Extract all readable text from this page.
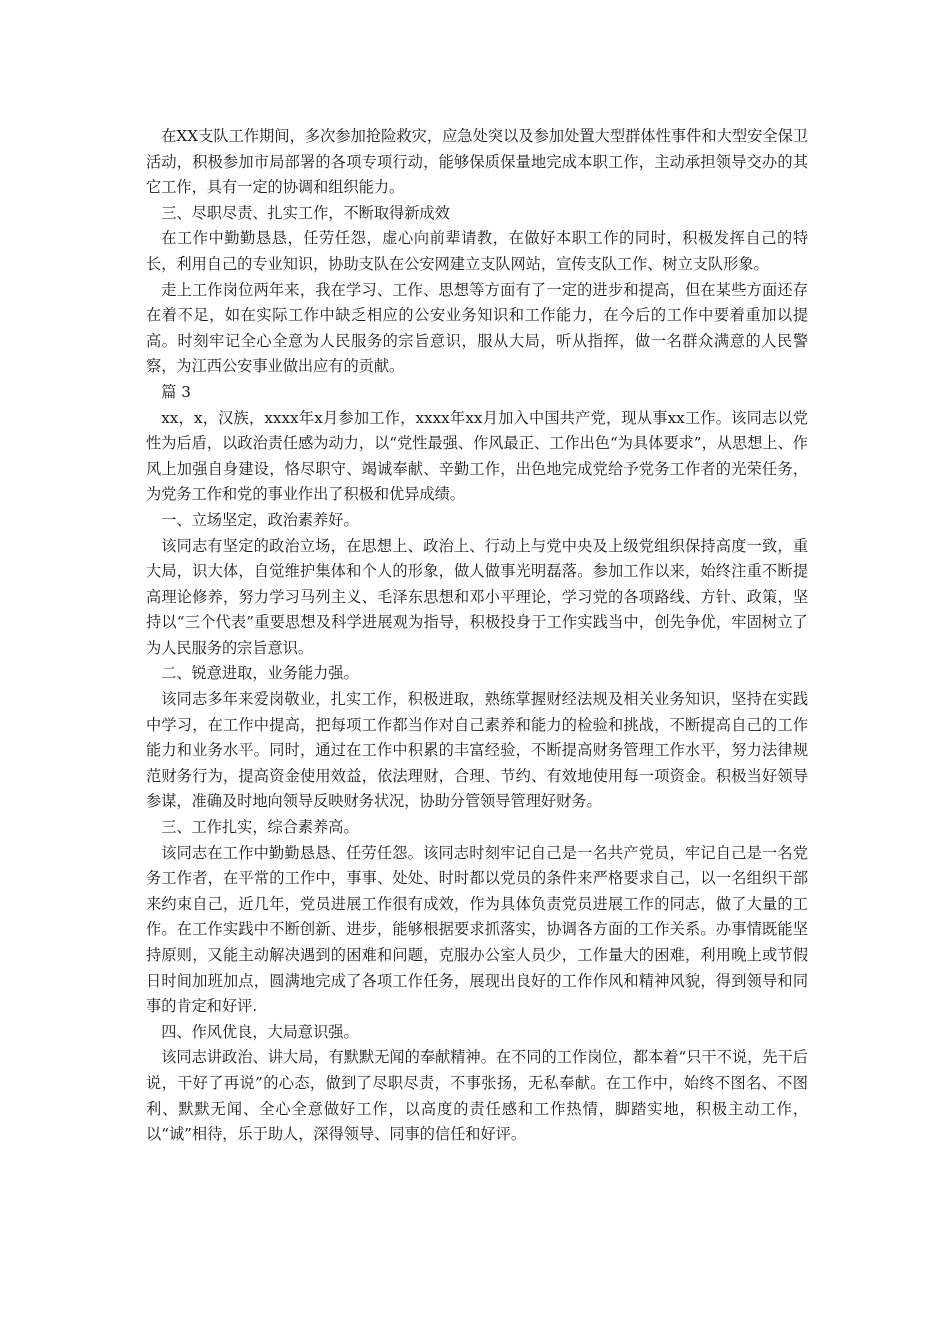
在XX支队工作期间，多次参加抢险救灾，应急处突以及参加处置大型群体性事件和大型安全保卫活动，积极参加市局部署的各项专项行动，能够保质保量地完成本职工作，主动承担领导交办的其它工作，具有一定的协调和组织能力。

三、尽职尽责、扎实工作，不断取得新成效

在工作中勤勤恳恳，任劳任怨，虚心向前辈请教，在做好本职工作的同时，积极发挥自己的特长，利用自己的专业知识，协助支队在公安网建立支队网站，宣传支队工作、树立支队形象。

走上工作岗位两年来，我在学习、工作、思想等方面有了一定的进步和提高，但在某些方面还存在着不足，如在实际工作中缺乏相应的公安业务知识和工作能力，在今后的工作中要着重加以提高。时刻牢记全心全意为人民服务的宗旨意识，服从大局，听从指挥，做一名群众满意的人民警察，为江西公安事业做出应有的贡献。

篇 3

xx，x，汉族，xxxx年x月参加工作，xxxx年xx月加入中国共产党，现从事xx工作。该同志以党性为后盾，以政治责任感为动力，以“党性最强、作风最正、工作出色“为具体要求”，从思想上、作风上加强自身建设，恪尽职守、竭诚奉献、辛勤工作，出色地完成党给予党务工作者的光荣任务，为党务工作和党的事业作出了积极和优异成绩。

一、立场坚定，政治素养好。

该同志有坚定的政治立场，在思想上、政治上、行动上与党中央及上级党组织保持高度一致，重大局，识大体，自觉维护集体和个人的形象，做人做事光明磊落。参加工作以来，始终注重不断提高理论修养，努力学习马列主义、毛泽东思想和邓小平理论，学习党的各项路线、方针、政策，坚持以“三个代表”重要思想及科学进展观为指导，积极投身于工作实践当中，创先争优，牢固树立了为人民服务的宗旨意识。

二、锐意进取，业务能力强。

该同志多年来爱岗敬业，扎实工作，积极进取，熟练掌握财经法规及相关业务知识，坚持在实践中学习，在工作中提高，把每项工作都当作对自己素养和能力的检验和挑战，不断提高自己的工作能力和业务水平。同时，通过在工作中积累的丰富经验，不断提高财务管理工作水平，努力法律规范财务行为，提高资金使用效益，依法理财，合理、节约、有效地使用每一项资金。积极当好领导参谋，准确及时地向领导反映财务状况，协助分管领导管理好财务。

三、工作扎实，综合素养高。

该同志在工作中勤勤恳恳、任劳任怨。该同志时刻牢记自己是一名共产党员，牢记自己是一名党务工作者，在平常的工作中，事事、处处、时时都以党员的条件来严格要求自己，以一名组织干部来约束自己，近几年，党员进展工作很有成效，作为具体负责党员进展工作的同志，做了大量的工作。在工作实践中不断创新、进步，能够根据要求抓落实，协调各方面的工作关系。办事情既能坚持原则，又能主动解决遇到的困难和问题，克服办公室人员少，工作量大的困难，利用晚上或节假日时间加班加点，圆满地完成了各项工作任务，展现出良好的工作作风和精神风貌，得到领导和同事的肯定和好评.

四、作风优良，大局意识强。

该同志讲政治、讲大局，有默默无闻的奉献精神。在不同的工作岗位，都本着“只干不说，先干后说，干好了再说”的心态，做到了尽职尽责，不事张扬，无私奉献。在工作中，始终不图名、不图利、默默无闻、全心全意做好工作，以高度的责任感和工作热情，脚踏实地，积极主动工作，以“诚”相待，乐于助人，深得领导、同事的信任和好评。
